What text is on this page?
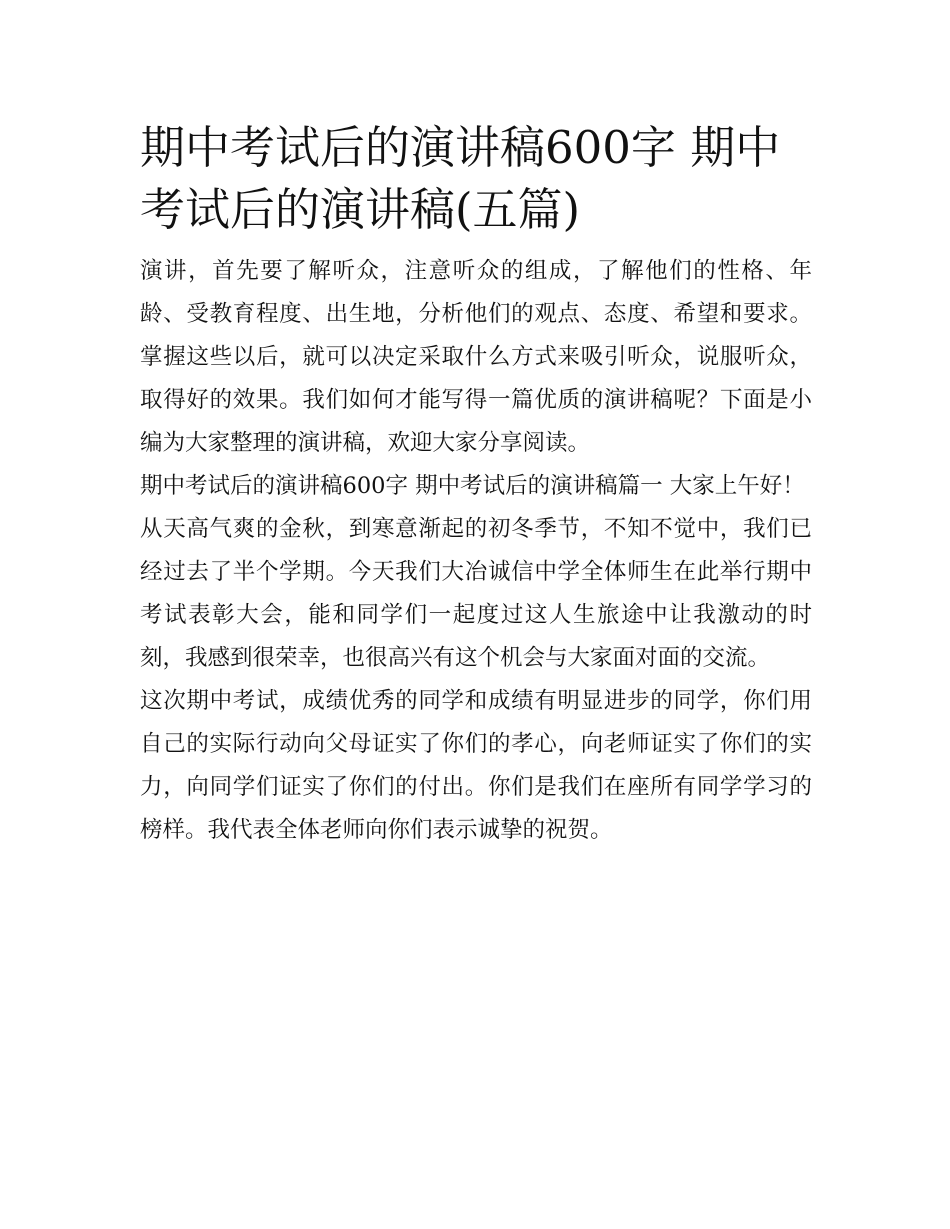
期中考试后的演讲稿600字 期中考试后的演讲稿(五篇)

演讲，首先要了解听众，注意听众的组成，了解他们的性格、年龄、受教育程度、出生地，分析他们的观点、态度、希望和要求。掌握这些以后，就可以决定采取什么方式来吸引听众，说服听众，取得好的效果。我们如何才能写得一篇优质的演讲稿呢？下面是小编为大家整理的演讲稿，欢迎大家分享阅读。

期中考试后的演讲稿600字 期中考试后的演讲稿篇一 大家上午好！

从天高气爽的金秋，到寒意渐起的初冬季节，不知不觉中，我们已经过去了半个学期。今天我们大冶诚信中学全体师生在此举行期中考试表彰大会，能和同学们一起度过这人生旅途中让我激动的时刻，我感到很荣幸，也很高兴有这个机会与大家面对面的交流。

这次期中考试，成绩优秀的同学和成绩有明显进步的同学，你们用自己的实际行动向父母证实了你们的孝心，向老师证实了你们的实力，向同学们证实了你们的付出。你们是我们在座所有同学学习的榜样。我代表全体老师向你们表示诚挚的祝贺。
